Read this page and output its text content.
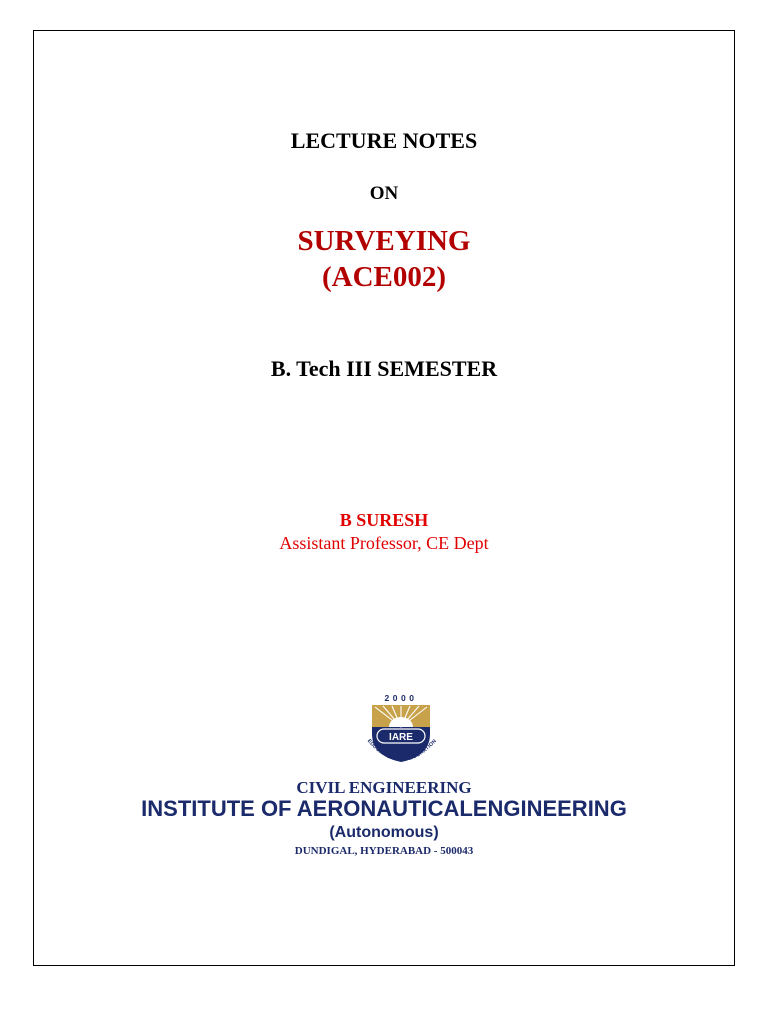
LECTURE NOTES
ON
SURVEYING
(ACE002)
B. Tech III SEMESTER
B SURESH
Assistant Professor, CE Dept
2000
IARE
EDUCATION FOR LIBERATION
CIVIL ENGINEERING
INSTITUTE OF AERONAUTICALENGINEERING
(Autonomous)
DUNDIGAL, HYDERABAD - 500043
